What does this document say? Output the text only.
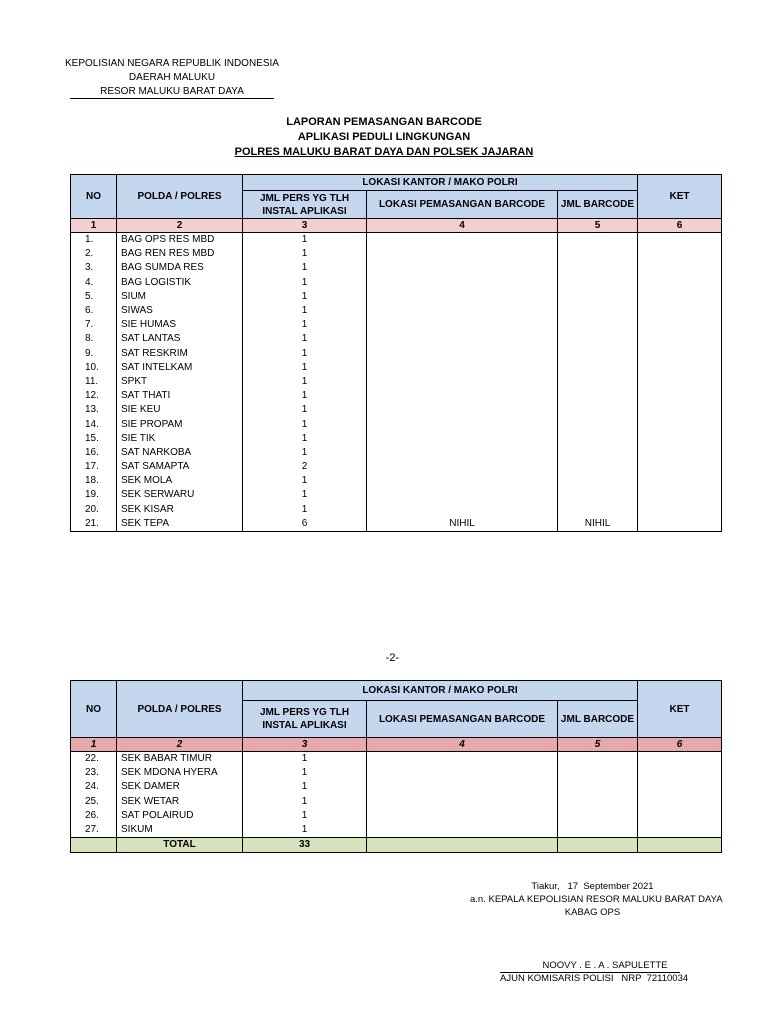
KEPOLISIAN NEGARA REPUBLIK INDONESIA
DAERAH MALUKU
RESOR MALUKU BARAT DAYA
LAPORAN PEMASANGAN BARCODE
APLIKASI PEDULI LINGKUNGAN
POLRES MALUKU BARAT DAYA DAN POLSEK JAJARAN
NO	POLDA / POLRES	LOKASI KANTOR / MAKO POLRI			KET

		JML PERS YG TLH
INSTAL APLIKASI	LOKASI PEMASANGAN BARCODE	JML BARCODE	
1	2	3	4	5	6
1.	BAG OPS RES MBD	1			
2.	BAG REN RES MBD	1			
3.	BAG SUMDA RES	1			
4.	BAG LOGISTIK	1			
5.	SIUM	1			
6.	SIWAS	1			
7.	SIE HUMAS	1			
8.	SAT LANTAS	1			
9.	SAT RESKRIM	1			
10.	SAT INTELKAM	1			
11.	SPKT	1			
12.	SAT THATI	1			
13.	SIE KEU	1			
14.	SIE PROPAM	1			
15.	SIE TIK	1			
16.	SAT NARKOBA	1			
17.	SAT SAMAPTA	2			
18.	SEK MOLA	1			
19.	SEK SERWARU	1			
20.	SEK KISAR	1			
21.	SEK TEPA	6	NIHIL	NIHIL	
-2-
NO	POLDA / POLRES	LOKASI KANTOR / MAKO POLRI			KET

		JML PERS YG TLH
INSTAL APLIKASI	LOKASI PEMASANGAN BARCODE	JML BARCODE	
1	2	3	4	5	6
22.	SEK BABAR TIMUR	1			
23.	SEK MDONA HYERA	1			
24.	SEK DAMER	1			
25.	SEK WETAR	1			
26.	SAT POLAIRUD	1			
27.	SIKUM	1			
	TOTAL	33			
Tiakur,   17  September 2021
a.n. KEPALA KEPOLISIAN RESOR MALUKU BARAT DAYA
KABAG OPS
NOOVY . E . A . SAPULETTE
AJUN KOMISARIS POLISI   NRP  72110034
